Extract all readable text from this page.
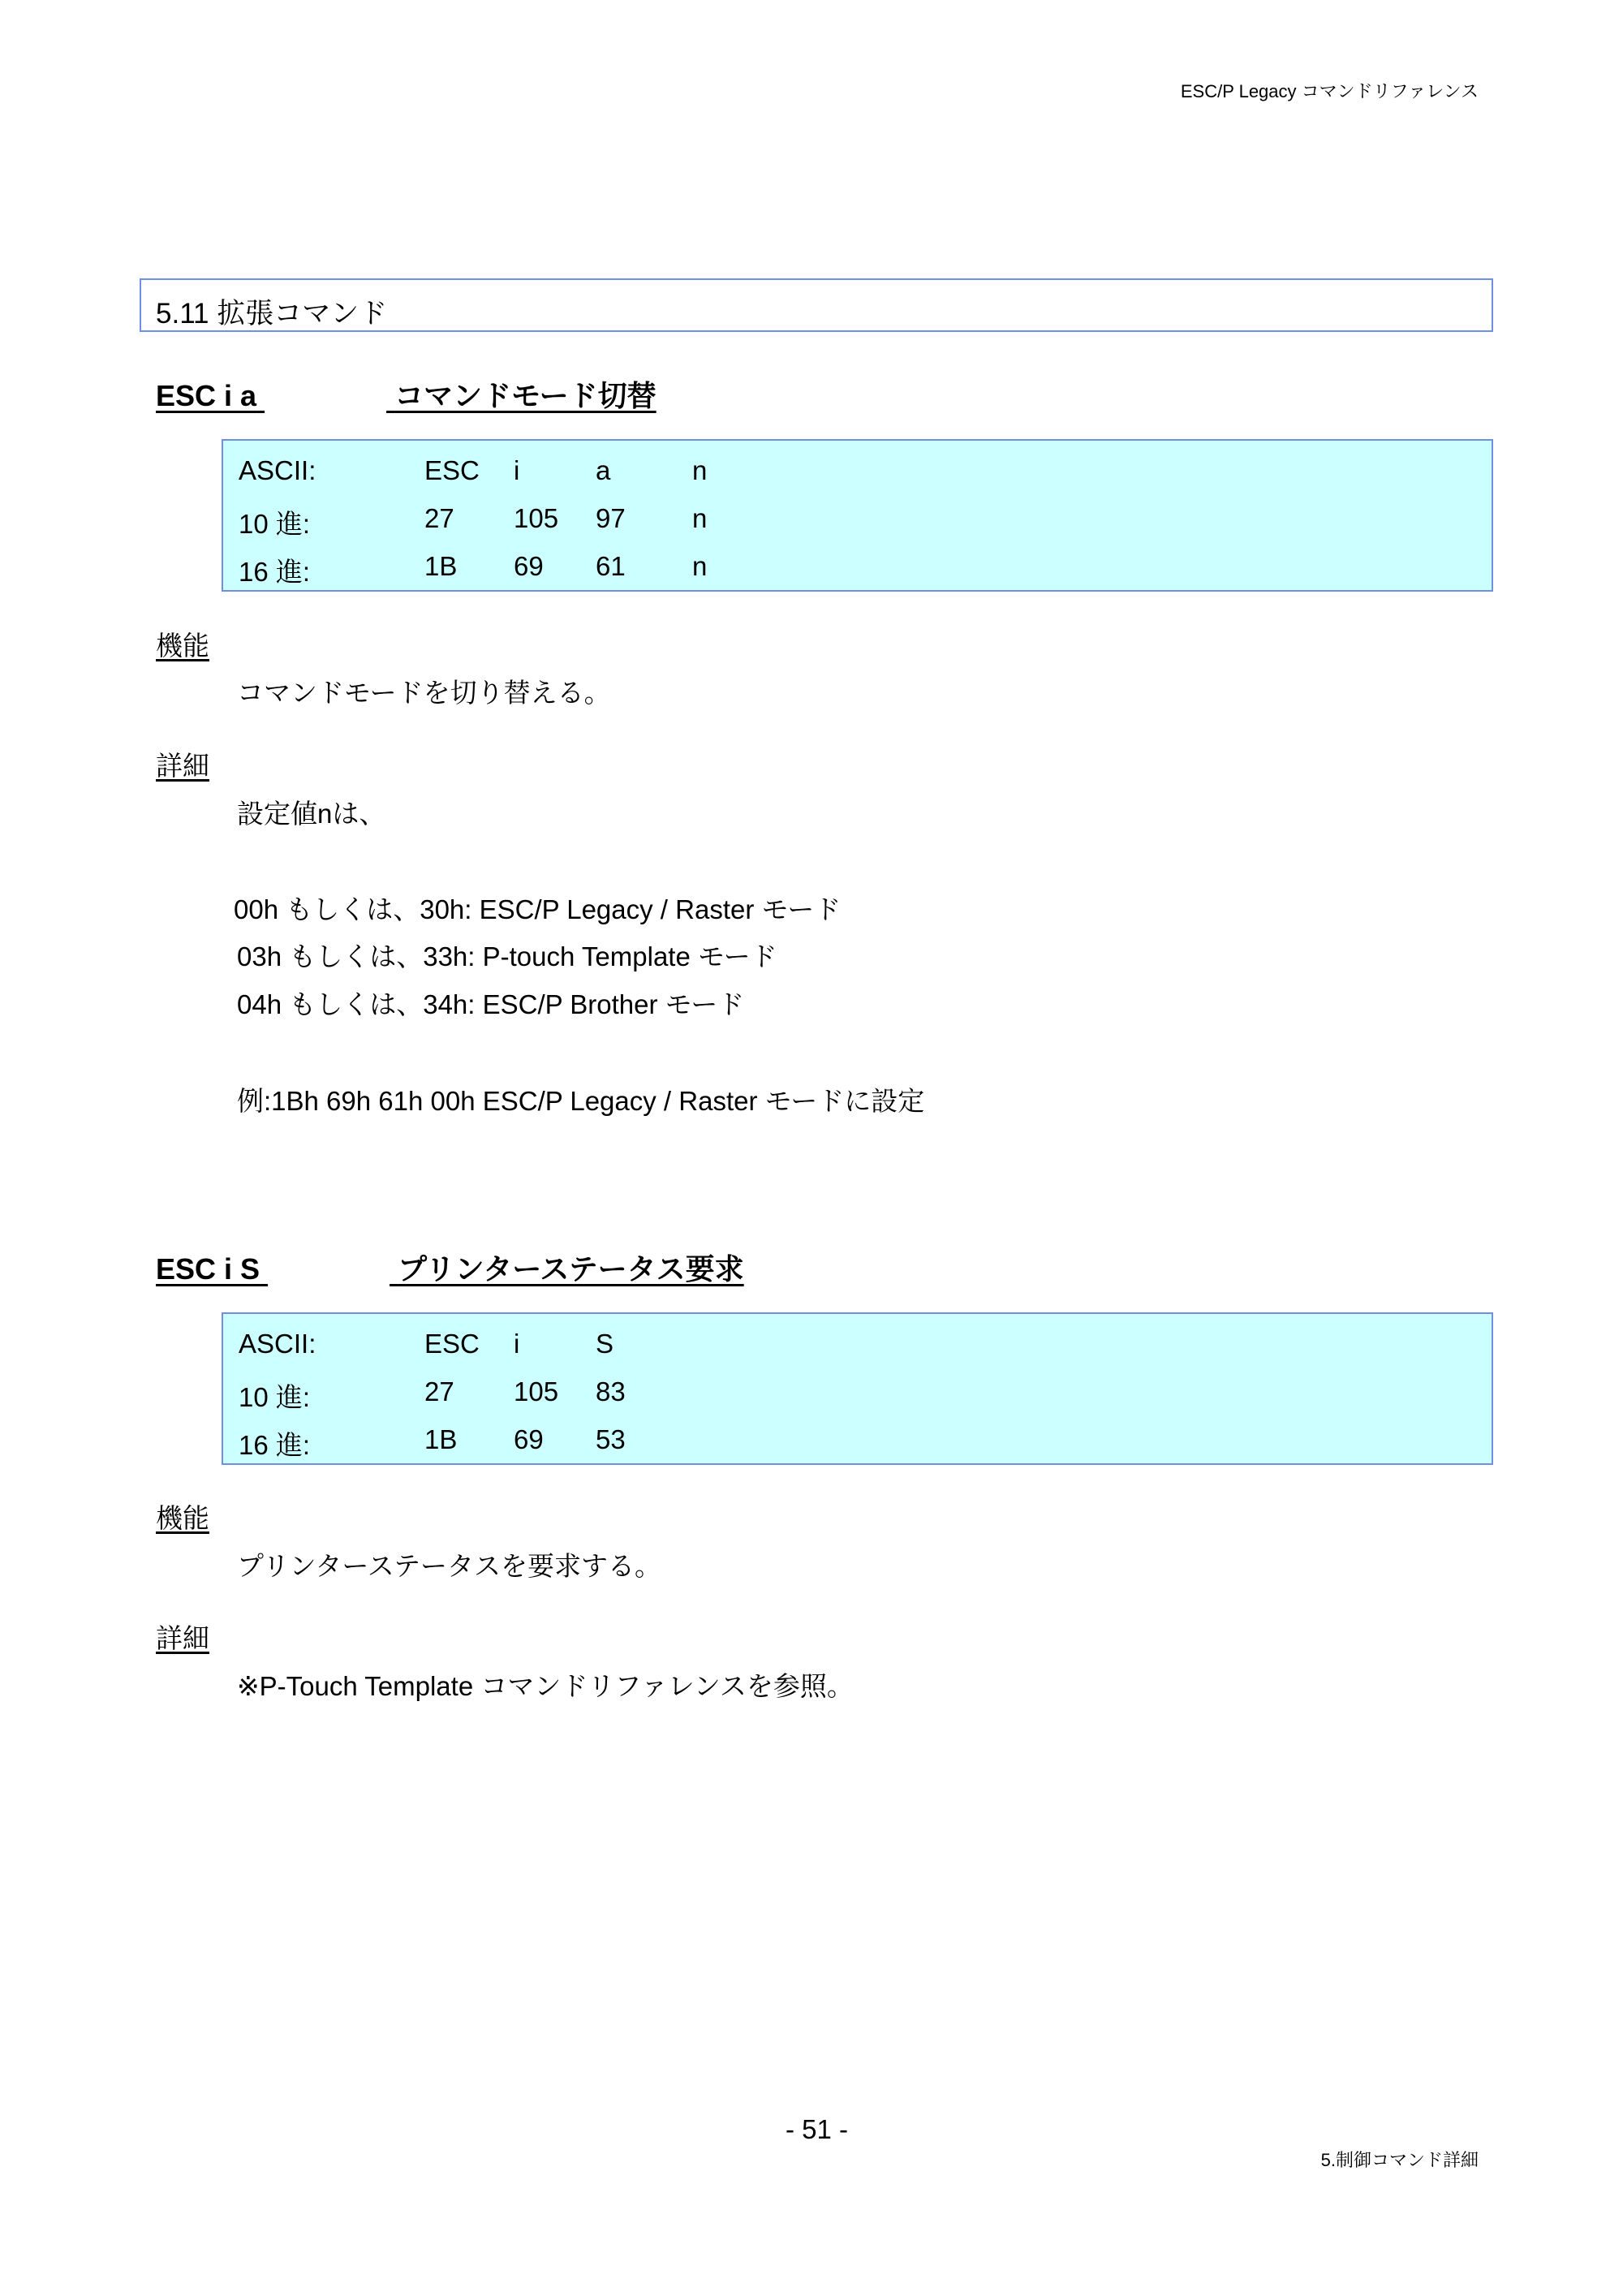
ESC/P Legacy コマンドリファレンス
5.11 拡張コマンド
ESC i a	コマンドモード切替
ASCII:	ESC i	a	n
10 進:	27 105 97 n
16 進:	1B 69 61 n
機能
コマンドモードを切り替える。
詳細
設定値nは、
00h もしくは、30h: ESC/P Legacy / Raster モード
03h もしくは、33h: P-touch Template モード
04h もしくは、34h: ESC/P Brother モード
例:1Bh 69h 61h 00h ESC/P Legacy / Raster モードに設定
ESC i S	プリンターステータス要求
ASCII:	ESC i	S
10 進:	27 105 83
16 進:	1B 69 53
機能
プリンターステータスを要求する。
詳細
※P-Touch Template コマンドリファレンスを参照。
- 51 -
5.制御コマンド詳細
